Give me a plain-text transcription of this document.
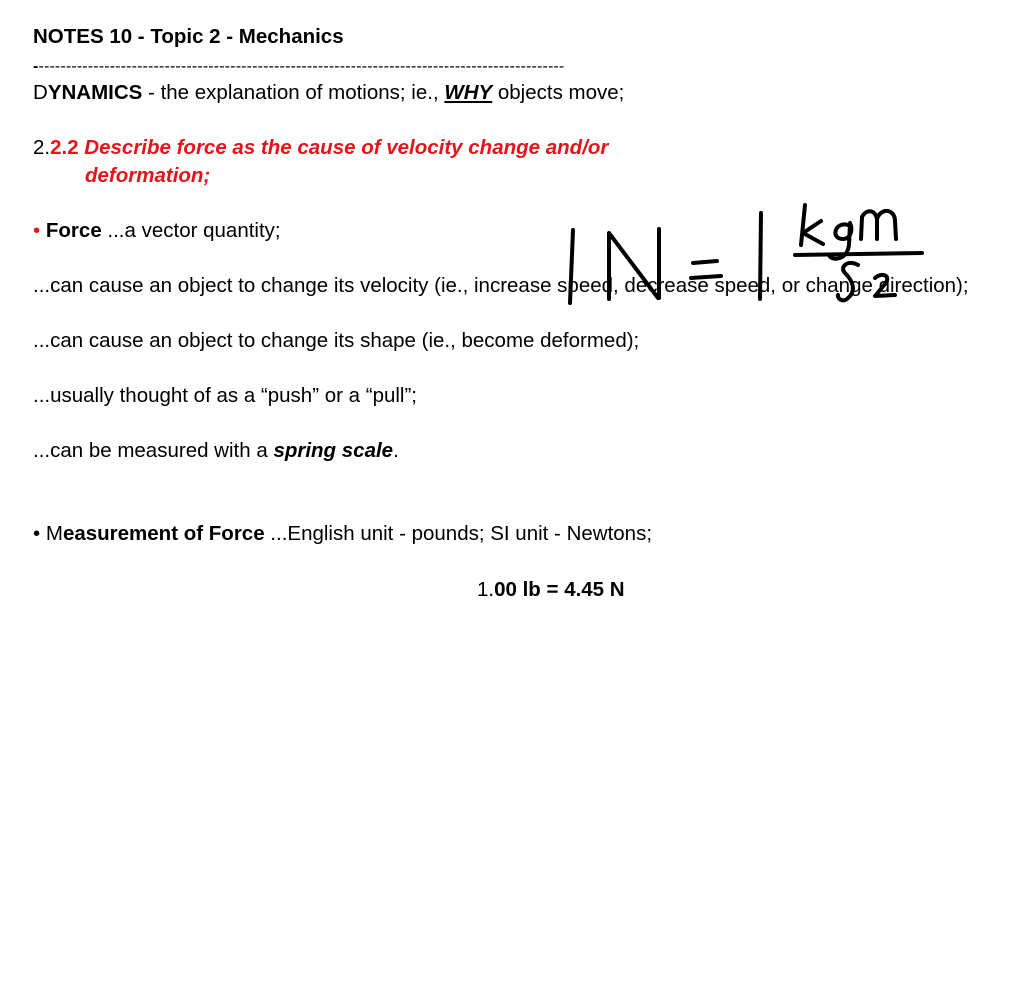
NOTES 10 - Topic 2 - Mechanics
-------------------------------------------------------------------------------------------------
DYNAMICS - the explanation of motions; ie., WHY objects move;
2.2.2 Describe force as the cause of velocity change and/or
deformation;
• Force ...a vector quantity;
...can cause an object to change its velocity (ie., increase speed, decrease speed, or change direction);
...can cause an object to change its shape (ie., become deformed);
...usually thought of as a “push” or a “pull”;
...can be measured with a spring scale.
• Measurement of Force ...English unit - pounds; SI unit - Newtons;
1.00 lb = 4.45 N
